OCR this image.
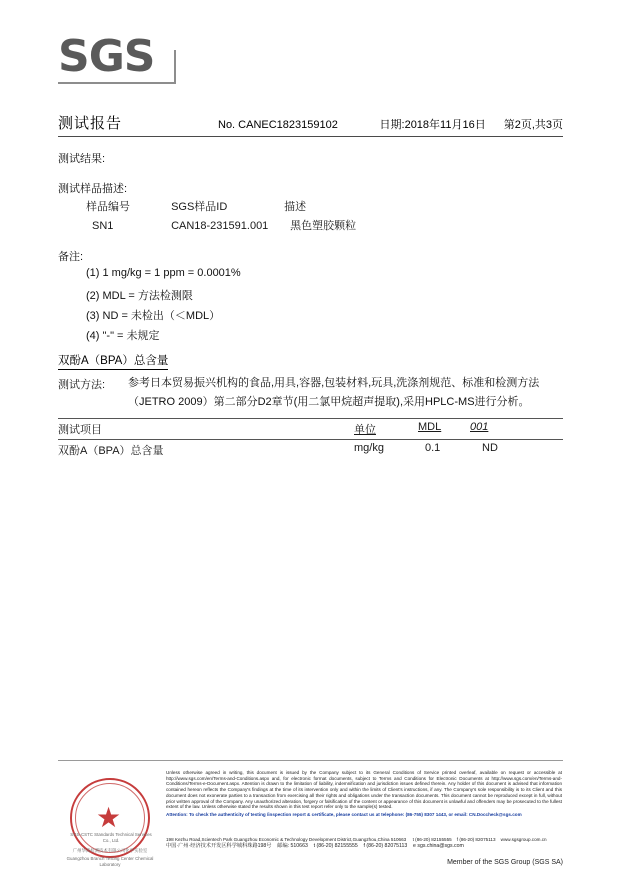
SGS
测试报告	No. CANEC1823159102	日期:2018年11月16日 第2页,共3页
测试结果:
测试样品描述:
样品编号	SGS样品ID	描述
SN1	CAN18-231591.001 黑色塑胶颗粒
备注:
(1) 1 mg/kg = 1 ppm = 0.0001%
(2) MDL = 方法检测限
(3) ND = 未检出（＜MDL）
(4) "-" = 未规定
双酚A（BPA）总含量
测试方法: 参考日本贸易振兴机构的食品,用具,容器,包装材料,玩具,洗涤剂规范、标准和检测方法（JETRO 2009）第二部分D2章节(用二氯甲烷超声提取),采用HPLC-MS进行分析。
测试项目	单位	MDL	001
双酚A（BPA）总含量	mg/kg	0.1	ND
★
SGS-CSTC Standards Technical Services Co., Ltd.
广州华商检测技术有限公司化学实验室
Guangzhou Branch Testing Center Chemical Laboratory
Unless otherwise agreed in writing, this document is issued by the Company subject to its General Conditions of Service printed overleaf, available on request or accessible at http://www.sgs.com/en/Terms-and-Conditions.aspx and, for electronic format documents, subject to Terms and Conditions for Electronic Documents at http://www.sgs.com/en/Terms-and-Conditions/Terms-e-Document.aspx. Attention is drawn to the limitation of liability, indemnification and jurisdiction issues defined therein. Any holder of this document is advised that information contained hereon reflects the Company's findings at the time of its intervention only and within the limits of Client's instructions, if any. The Company's sole responsibility is to its Client and this document does not exonerate parties to a transaction from exercising all their rights and obligations under the transaction documents. This document cannot be reproduced except in full, without prior written approval of the Company. Any unauthorized alteration, forgery or falsification of the content or appearance of this document is unlawful and offenders may be prosecuted to the fullest extent of the law. Unless otherwise stated the results shown in this test report refer only to the sample(s) tested.
Attention: To check the authenticity of testing /inspection report & certificate, please contact us at telephone: (86-755) 8307 1443, or email: CN.Doccheck@sgs.com
198 Kezhu Road,Scientech Park Guangzhou Economic & Technology Development District,Guangzhou,China 510663 t (86-20) 82155555 f (86-20) 82075113 www.sgsgroup.com.cn
中国·广州·经济技术开发区科学城科珠路198号 邮编: 510663 t (86-20) 82155555 f (86-20) 82075113 e sgs.china@sgs.com
Member of the SGS Group (SGS SA)
